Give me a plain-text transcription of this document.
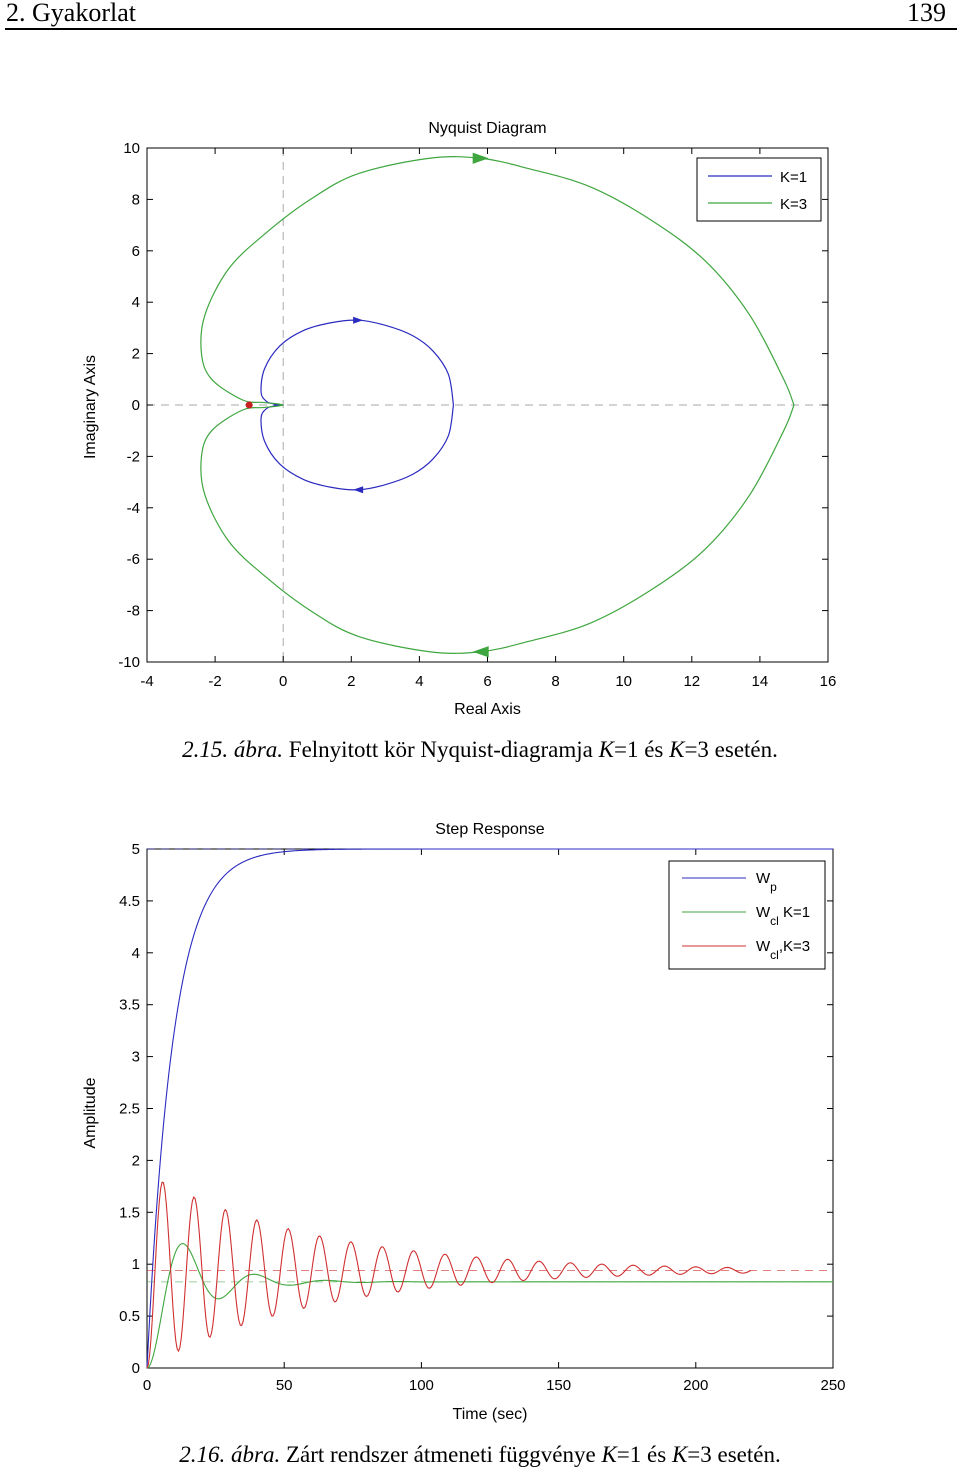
2. Gyakorlat	139
-4	-2	0	2	4	6	8	10	12	14	16
-10
-8
-6
-4
-2
0
2
4
6
8
10
Nyquist Diagram
Real Axis
Imaginary Axis
K=1
K=3
2.15. ábra. Felnyitott kör Nyquist-diagramja K=1 és K=3 esetén.
0	50	100	150	200	250
0
0.5
1
1.5
2
2.5
3
3.5
4
4.5
5
Step Response
Time (sec)
Amplitude
$W_p$
$W_{cl}$ K=1
$W_{cl},K=3$
2.16. ábra. Zárt rendszer átmeneti függvénye K=1 és K=3 esetén.
